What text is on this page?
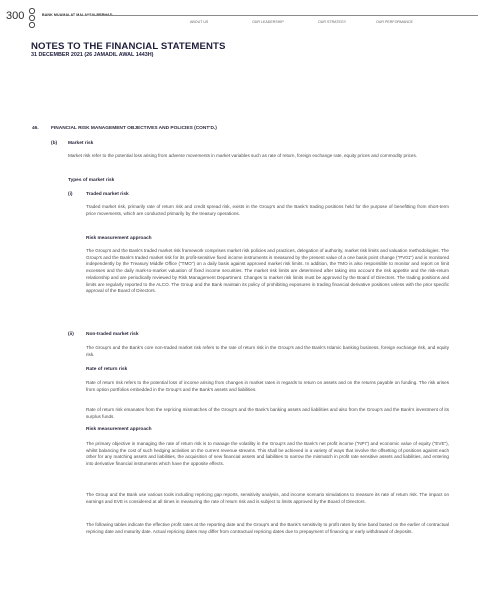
300	BANK MUAMALAT MALAYSIA BERHAD
ABOUT US	OUR LEADERSHIP	OUR STRATEGY	OUR PERFORMANCE
NOTES TO THE FINANCIAL STATEMENTS
31 DECEMBER 2021 (26 JAMADIL AWAL 1443H)
46.	FINANCIAL RISK MANAGEMENT OBJECTIVES AND POLICIES (CONT'D.)
(b) Market risk
Market risk refer to the potential loss arising from adverse movements in market variables such as rate of return, foreign exchange rate, equity prices and commodity prices.
Types of market risk
(i)	Traded market risk
Traded market risk, primarily rate of return risk and credit spread risk, exists in the Group's and the Bank's trading positions held for the purpose of benefitting from short-term price movements, which are conducted primarily by the treasury operations.
Risk measurement approach
The Group's and the Bank's traded market risk framework comprises market risk policies and practices, delegation of authority, market risk limits and valuation methodologies. The Group's and the Bank's traded market risk for its profit-sensitive fixed income instruments is measured by the present value of a one basis point change ("PV01") and is monitored independently by the Treasury Middle Office ("TMO") on a daily basis against approved market risk limits. In addition, the TMO is also responsible to monitor and report on limit excesses and the daily mark-to-market valuation of fixed income securities. The market risk limits are determined after taking into account the risk appetite and the risk-return relationship and are periodically reviewed by Risk Management Department. Changes to market risk limits must be approved by the Board of Directors. The trading positions and limits are regularly reported to the ALCO. The Group and the Bank maintain its policy of prohibiting exposures in trading financial derivative positions unless with the prior specific approval of the Board of Directors.
(ii)	Non-traded market risk
The Group's and the Bank's core non-traded market risk refers to the rate of return risk in the Group's and the Bank's Islamic banking business, foreign exchange risk, and equity risk.
Rate of return risk
Rate of return risk refers to the potential loss of income arising from changes in market rates in regards to return on assets and on the returns payable on funding. The risk arises from option portfolios embedded in the Group's and the Bank's assets and liabilities.
Rate of return risk emanates from the repricing mismatches of the Group's and the Bank's banking assets and liabilities and also from the Group's and the Bank's investment of its surplus funds.
Risk measurement approach
The primary objective in managing the rate of return risk is to manage the volatility in the Group's and the Bank's net profit income ("NPI") and economic value of equity ("EVE"), whilst balancing the cost of such hedging activities on the current revenue streams. This shall be achieved in a variety of ways that involve the offsetting of positions against each other for any matching assets and liabilities, the acquisition of new financial assets and liabilities to narrow the mismatch in profit rate sensitive assets and liabilities, and entering into derivative financial instruments which have the opposite effects.
The Group and the Bank use various tools including repricing gap reports, sensitivity analysis, and income scenario simulations to measure its rate of return risk. The impact on earnings and EVE is considered at all times in measuring the rate of return risk and is subject to limits approved by the Board of Directors.
The following tables indicate the effective profit rates at the reporting date and the Group's and the Bank's sensitivity to profit rates by time band based on the earlier of contractual repricing date and maturity date. Actual repricing dates may differ from contractual repricing dates due to prepayment of financing or early withdrawal of deposits.
